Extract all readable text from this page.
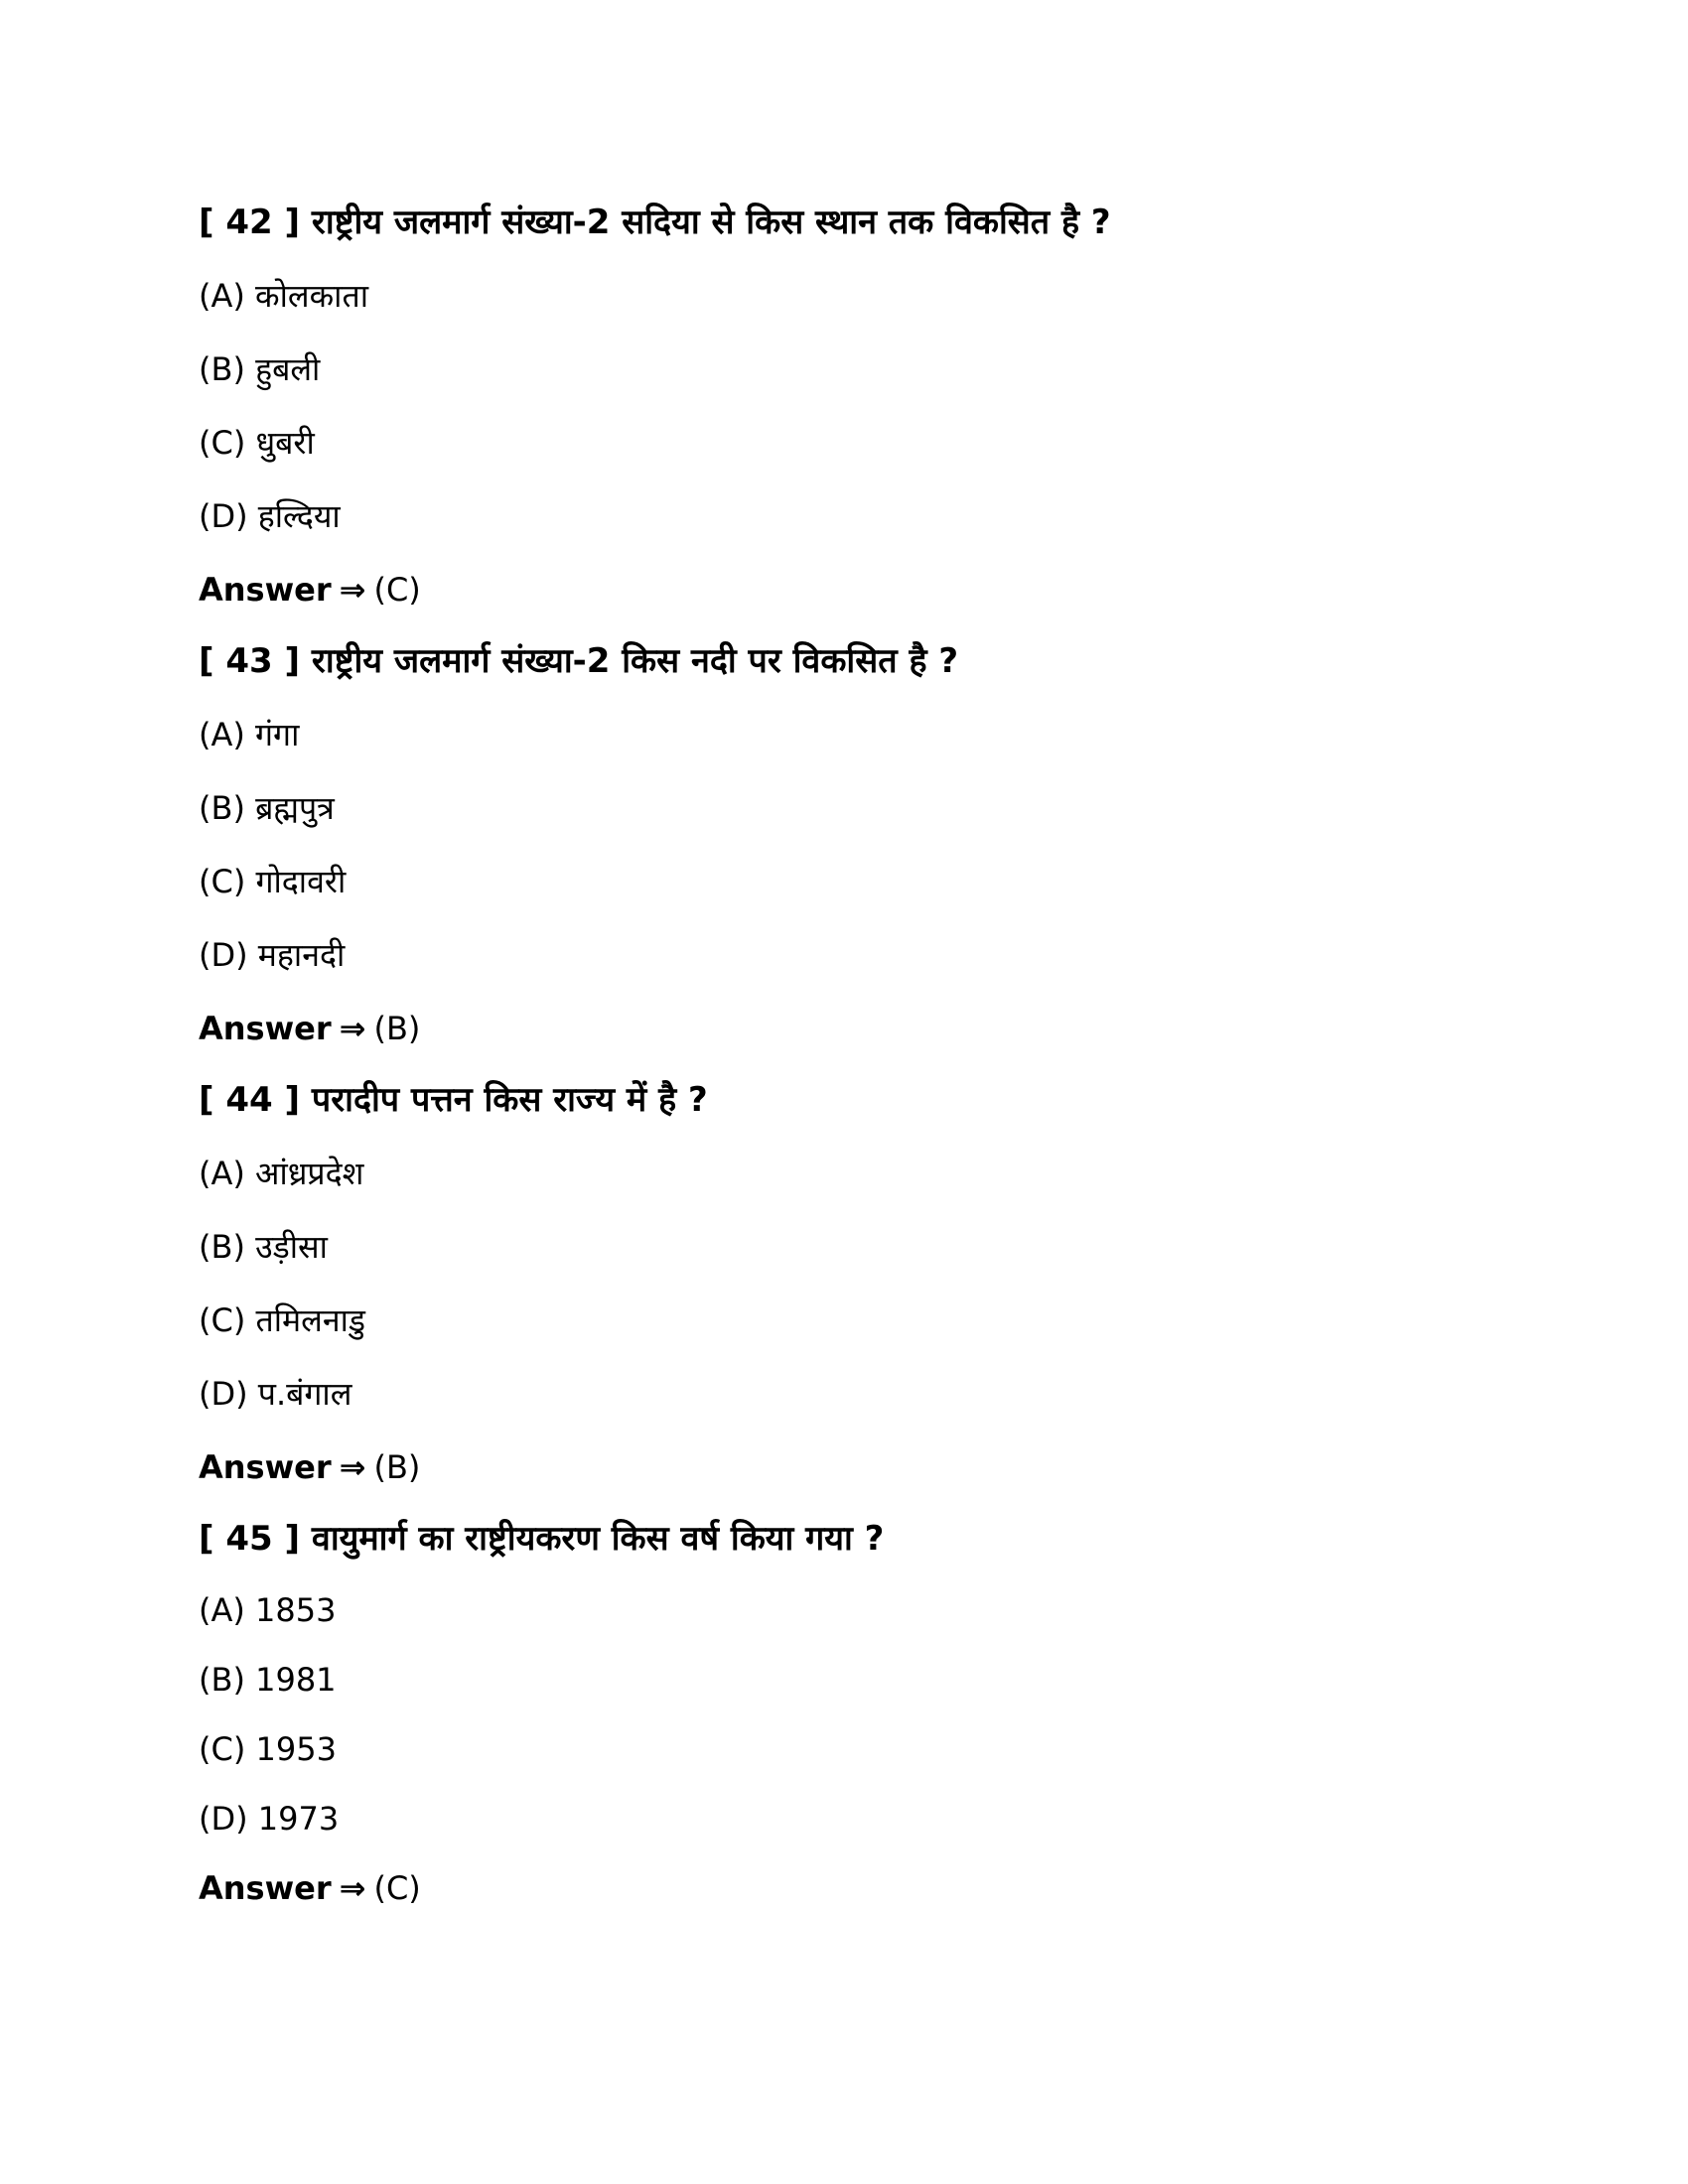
[ 42 ] राष्ट्रीय जलमार्ग संख्या-2 सदिया से किस स्थान तक विकसित है ?

(A) कोलकाता

(B) हुबली

(C) धुबरी

(D) हल्दिया

Answer ⇒ (C)

[ 43 ] राष्ट्रीय जलमार्ग संख्या-2 किस नदी पर विकसित है ?

(A) गंगा

(B) ब्रह्मपुत्र

(C) गोदावरी

(D) महानदी

Answer ⇒ (B)

[ 44 ] परादीप पत्तन किस राज्य में है ?

(A) आंध्रप्रदेश

(B) उड़ीसा

(C) तमिलनाडु

(D) प.बंगाल

Answer ⇒ (B)

[ 45 ] वायुमार्ग का राष्ट्रीयकरण किस वर्ष किया गया ?

(A) 1853

(B) 1981

(C) 1953

(D) 1973

Answer ⇒ (C)
